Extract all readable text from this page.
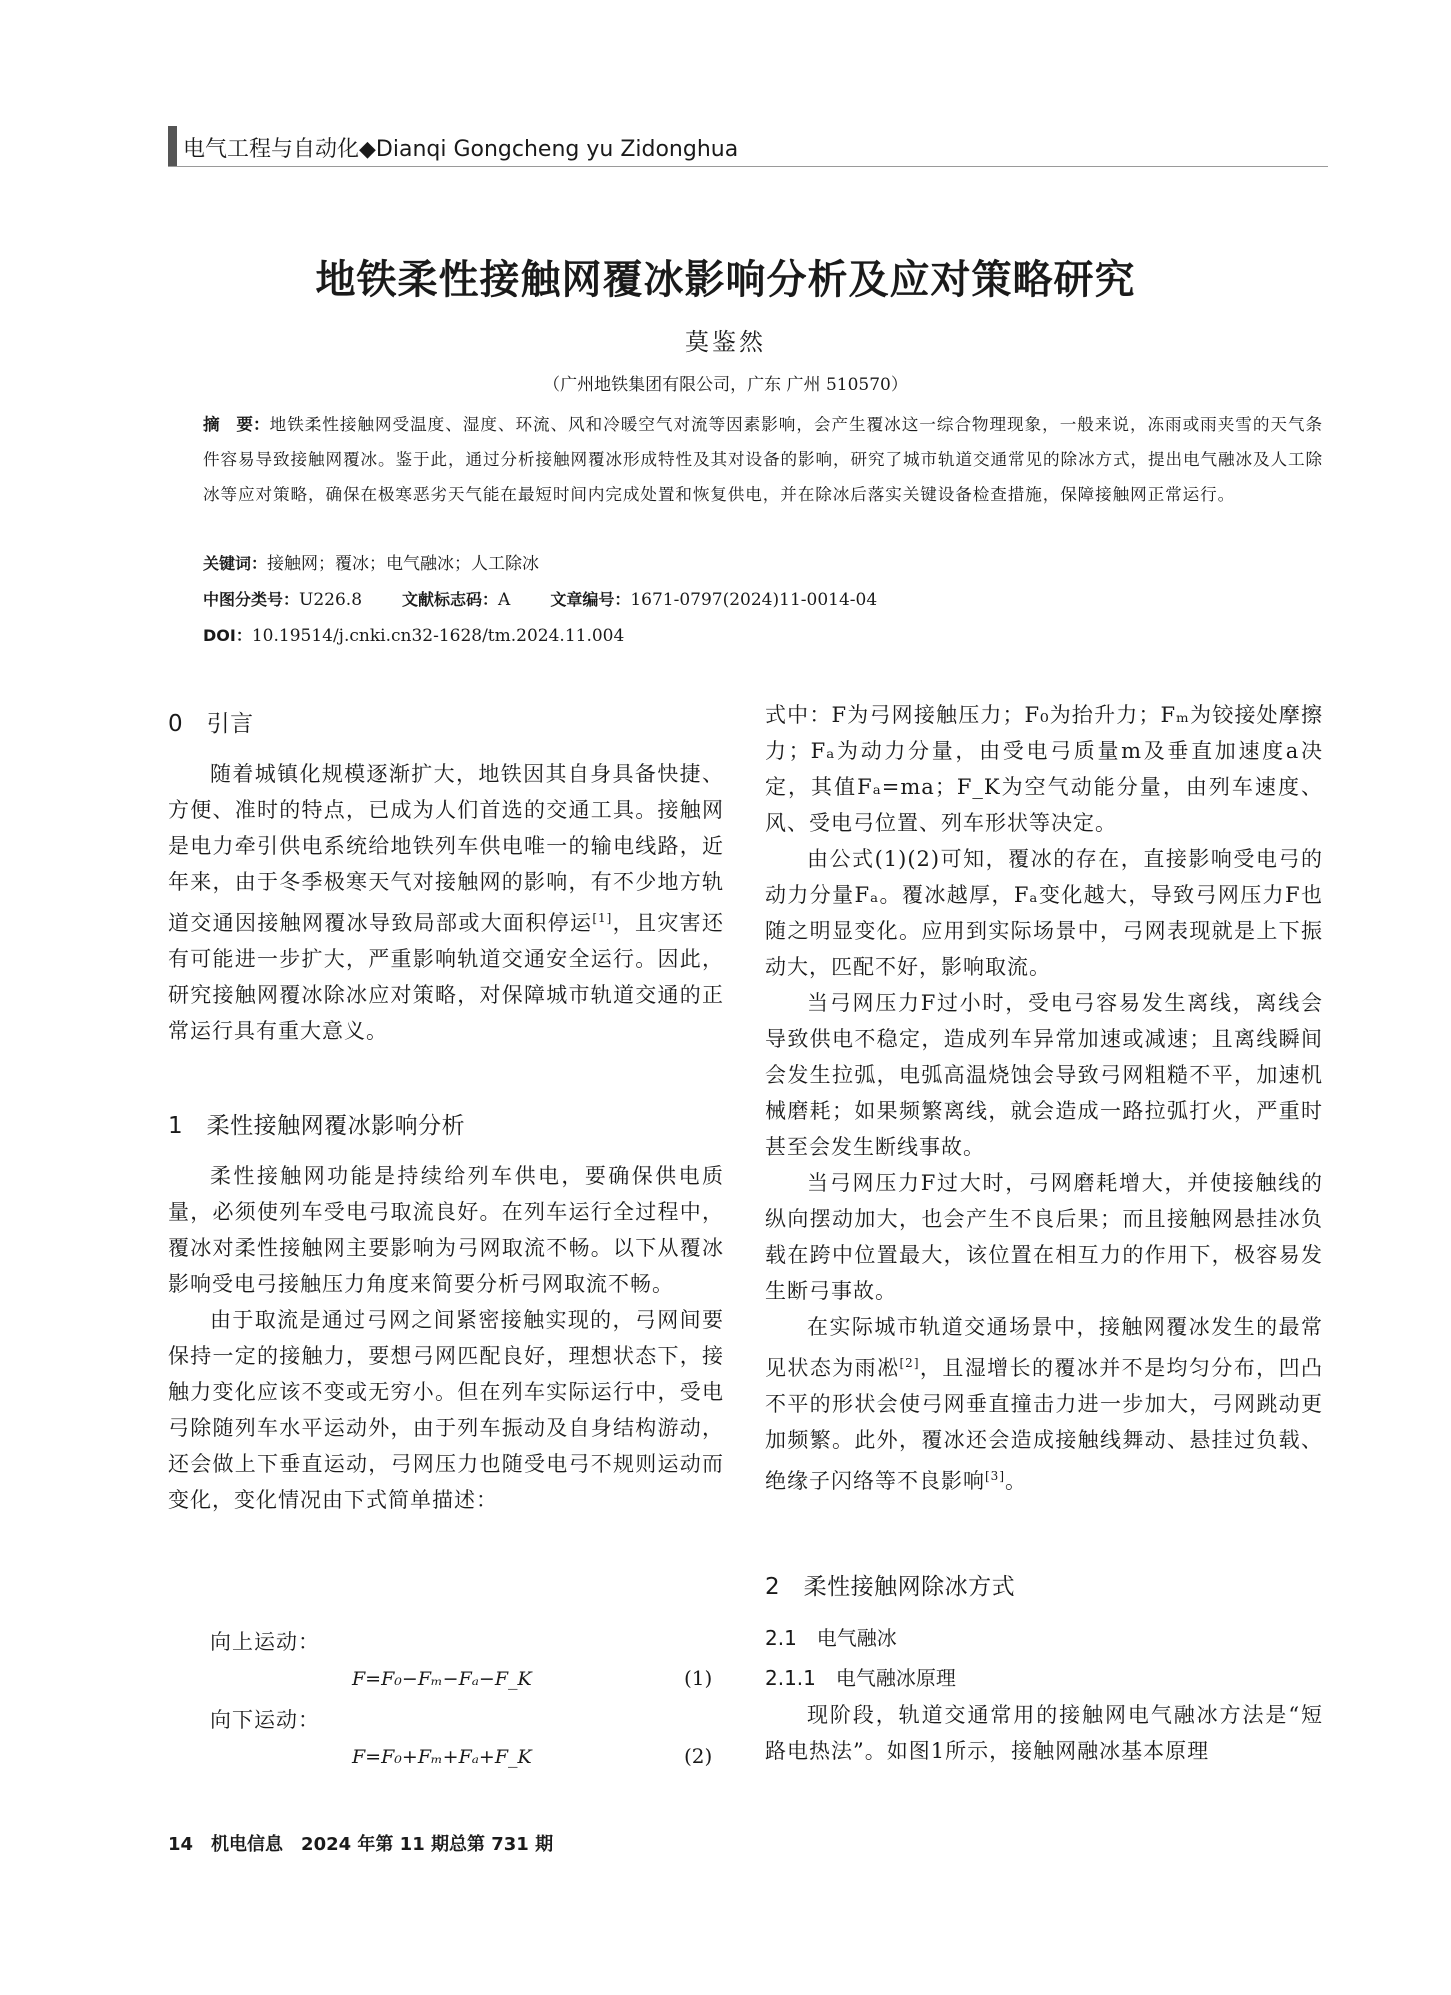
电气工程与自动化◆Dianqi Gongcheng yu Zidonghua
地铁柔性接触网覆冰影响分析及应对策略研究
莫鉴然
（广州地铁集团有限公司，广东 广州 510570）
摘　要：地铁柔性接触网受温度、湿度、环流、风和冷暖空气对流等因素影响，会产生覆冰这一综合物理现象，一般来说，冻雨或雨夹雪的天气条件容易导致接触网覆冰。鉴于此，通过分析接触网覆冰形成特性及其对设备的影响，研究了城市轨道交通常见的除冰方式，提出电气融冰及人工除冰等应对策略，确保在极寒恶劣天气能在最短时间内完成处置和恢复供电，并在除冰后落实关键设备检查措施，保障接触网正常运行。
关键词：接触网；覆冰；电气融冰；人工除冰
中图分类号：U226.8	文献标志码：A	文章编号：1671-0797(2024)11-0014-04
DOI：10.19514/j.cnki.cn32-1628/tm.2024.11.004
0　引言

随着城镇化规模逐渐扩大，地铁因其自身具备快捷、方便、准时的特点，已成为人们首选的交通工具。接触网是电力牵引供电系统给地铁列车供电唯一的输电线路，近年来，由于冬季极寒天气对接触网的影响，有不少地方轨道交通因接触网覆冰导致局部或大面积停运[1]，且灾害还有可能进一步扩大，严重影响轨道交通安全运行。因此，研究接触网覆冰除冰应对策略，对保障城市轨道交通的正常运行具有重大意义。

1　柔性接触网覆冰影响分析

柔性接触网功能是持续给列车供电，要确保供电质量，必须使列车受电弓取流良好。在列车运行全过程中，覆冰对柔性接触网主要影响为弓网取流不畅。以下从覆冰影响受电弓接触压力角度来简要分析弓网取流不畅。

由于取流是通过弓网之间紧密接触实现的，弓网间要保持一定的接触力，要想弓网匹配良好，理想状态下，接触力变化应该不变或无穷小。但在列车实际运行中，受电弓除随列车水平运动外，由于列车振动及自身结构游动，还会做上下垂直运动，弓网压力也随受电弓不规则运动而变化，变化情况由下式简单描述：

向上运动：
F=F₀−Fₘ−Fₐ−F_K	(1)
向下运动：
F=F₀+Fₘ+Fₐ+F_K	(2)

式中：F为弓网接触压力；F₀为抬升力；Fₘ为铰接处摩擦力；Fₐ为动力分量，由受电弓质量m及垂直加速度a决定，其值Fₐ=ma；F_K为空气动能分量，由列车速度、风、受电弓位置、列车形状等决定。

由公式(1)(2)可知，覆冰的存在，直接影响受电弓的动力分量Fₐ。覆冰越厚，Fₐ变化越大，导致弓网压力F也随之明显变化。应用到实际场景中，弓网表现就是上下振动大，匹配不好，影响取流。

当弓网压力F过小时，受电弓容易发生离线，离线会导致供电不稳定，造成列车异常加速或减速；且离线瞬间会发生拉弧，电弧高温烧蚀会导致弓网粗糙不平，加速机械磨耗；如果频繁离线，就会造成一路拉弧打火，严重时甚至会发生断线事故。

当弓网压力F过大时，弓网磨耗增大，并使接触线的纵向摆动加大，也会产生不良后果；而且接触网悬挂冰负载在跨中位置最大，该位置在相互力的作用下，极容易发生断弓事故。

在实际城市轨道交通场景中，接触网覆冰发生的最常见状态为雨凇[2]，且湿增长的覆冰并不是均匀分布，凹凸不平的形状会使弓网垂直撞击力进一步加大，弓网跳动更加频繁。此外，覆冰还会造成接触线舞动、悬挂过负载、绝缘子闪络等不良影响[3]。

2　柔性接触网除冰方式
2.1　电气融冰
2.1.1　电气融冰原理

现阶段，轨道交通常用的接触网电气融冰方法是“短路电热法”。如图1所示，接触网融冰基本原理

14　机电信息　2024 年第 11 期总第 731 期
